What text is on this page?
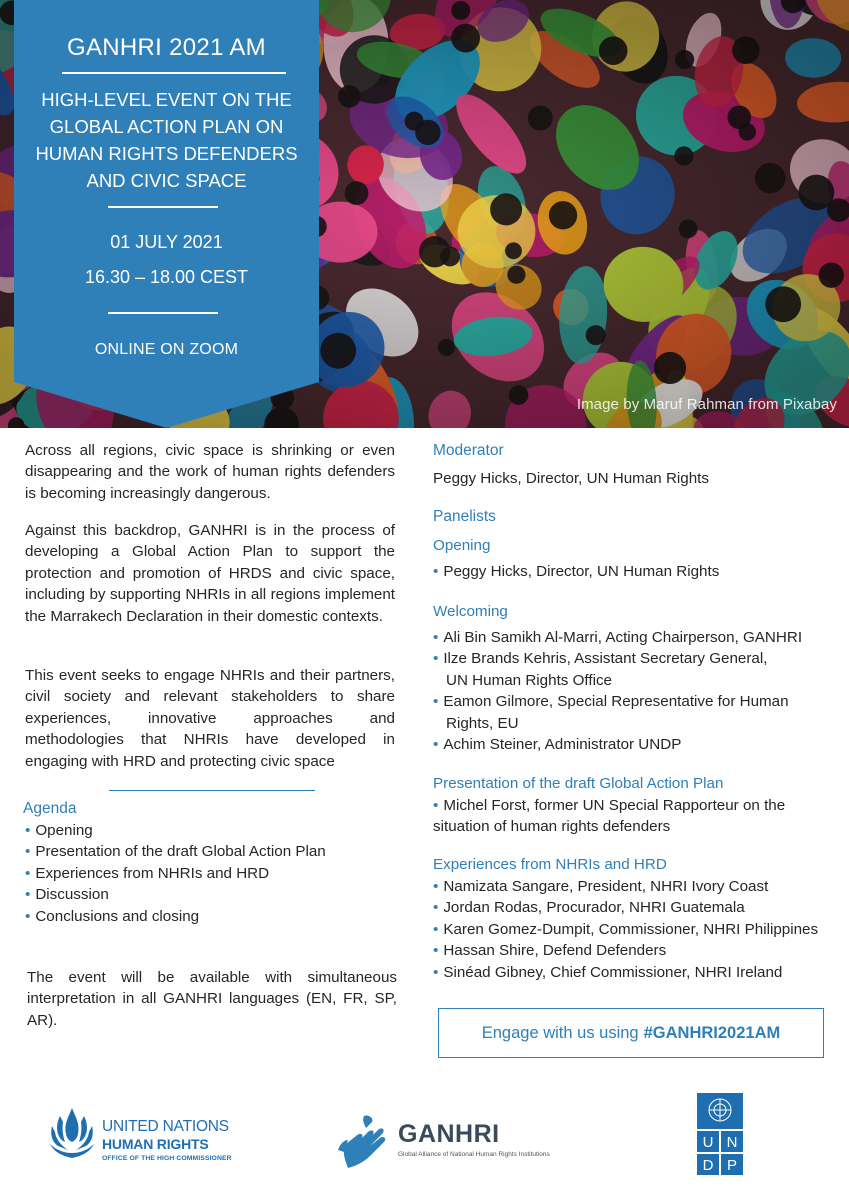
Image by Maruf Rahman from Pixabay
GANHRI 2021 AM
HIGH-LEVEL EVENT ON THE
GLOBAL ACTION PLAN ON
HUMAN RIGHTS DEFENDERS
AND CIVIC SPACE
01 JULY 2021
16.30 – 18.00 CEST
ONLINE ON ZOOM

Across all regions, civic space is shrinking or even disappearing and the work of human rights defenders is becoming increasingly dangerous.

Against this backdrop, GANHRI is in the process of developing a Global Action Plan to support the protection and promotion of HRDS and civic space, including by supporting NHRIs in all regions implement the Marrakech Declaration in their domestic contexts.

This event seeks to engage NHRIs and their partners, civil society and relevant stakeholders to share experiences, innovative approaches and methodologies that NHRIs have developed in engaging with HRD and protecting civic space

Agenda
• Opening
• Presentation of the draft Global Action Plan
• Experiences from NHRIs and HRD
• Discussion
• Conclusions and closing

The event will be available with simultaneous interpretation in all GANHRI languages (EN, FR, SP, AR).

Moderator
Peggy Hicks, Director, UN Human Rights
Panelists
Opening
• Peggy Hicks, Director, UN Human Rights
Welcoming
• Ali Bin Samikh Al-Marri, Acting Chairperson, GANHRI
• Ilze Brands Kehris, Assistant Secretary General,
UN Human Rights Office
• Eamon Gilmore, Special Representative for Human
Rights, EU
• Achim Steiner, Administrator UNDP
Presentation of the draft Global Action Plan
• Michel Forst, former UN Special Rapporteur on the
situation of human rights defenders
Experiences from NHRIs and HRD
• Namizata Sangare, President, NHRI Ivory Coast
• Jordan Rodas, Procurador, NHRI Guatemala
• Karen Gomez-Dumpit, Commissioner, NHRI Philippines
• Hassan Shire, Defend Defenders
• Sinéad Gibney, Chief Commissioner, NHRI Ireland
Engage with us using #GANHRI2021AM
UNITED NATIONS
HUMAN RIGHTS
OFFICE OF THE HIGH COMMISSIONER
GANHRI
Global Alliance of National Human Rights Institutions
U N
D P
